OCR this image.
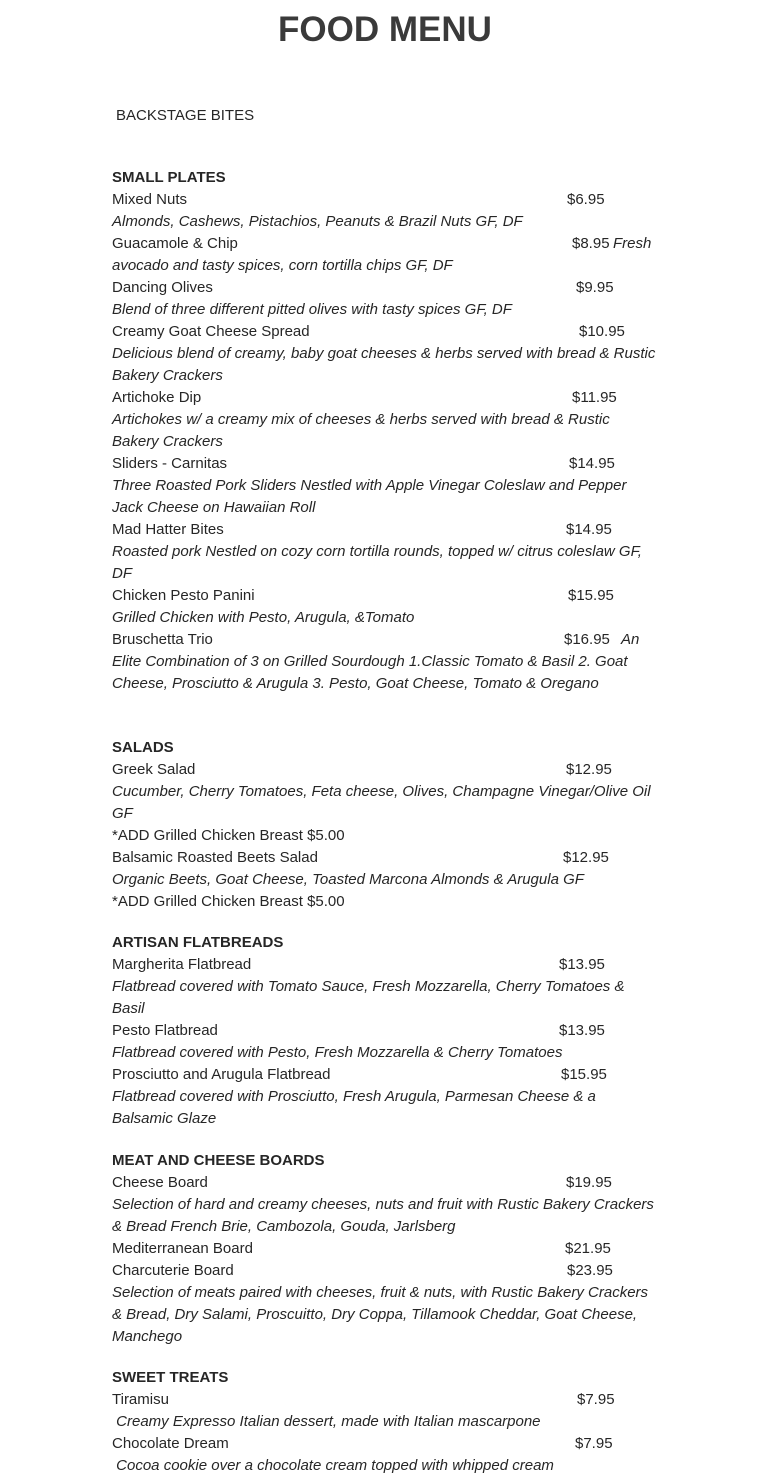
FOOD MENU
BACKSTAGE BITES
SMALL PLATES
Mixed Nuts	$6.95
Almonds, Cashews, Pistachios, Peanuts & Brazil Nuts GF, DF
Guacamole & Chip	$8.95 Fresh
avocado and tasty spices, corn tortilla chips GF, DF
Dancing Olives	$9.95
Blend of three different pitted olives with tasty spices GF, DF
Creamy Goat Cheese Spread	$10.95
Delicious blend of creamy, baby goat cheeses & herbs served with bread & Rustic Bakery Crackers
Artichoke Dip	$11.95
Artichokes w/ a creamy mix of cheeses & herbs served with bread & Rustic Bakery Crackers
Sliders - Carnitas	$14.95
Three Roasted Pork Sliders Nestled with Apple Vinegar Coleslaw and Pepper Jack Cheese on Hawaiian Roll
Mad Hatter Bites	$14.95
Roasted pork Nestled on cozy corn tortilla rounds, topped w/ citrus coleslaw GF, DF
Chicken Pesto Panini	$15.95
Grilled Chicken with Pesto, Arugula, &Tomato
Bruschetta Trio	$16.95 An
Elite Combination of 3 on Grilled Sourdough 1.Classic Tomato & Basil 2. Goat Cheese, Prosciutto & Arugula 3. Pesto, Goat Cheese, Tomato & Oregano
SALADS
Greek Salad	$12.95
Cucumber, Cherry Tomatoes, Feta cheese, Olives, Champagne Vinegar/Olive Oil GF
*ADD Grilled Chicken Breast $5.00
Balsamic Roasted Beets Salad	$12.95
Organic Beets, Goat Cheese, Toasted Marcona Almonds & Arugula GF
*ADD Grilled Chicken Breast $5.00
ARTISAN FLATBREADS
Margherita Flatbread	$13.95
Flatbread covered with Tomato Sauce, Fresh Mozzarella, Cherry Tomatoes & Basil
Pesto Flatbread	$13.95
Flatbread covered with Pesto, Fresh Mozzarella & Cherry Tomatoes
Prosciutto and Arugula Flatbread	$15.95
Flatbread covered with Prosciutto, Fresh Arugula, Parmesan Cheese & a Balsamic Glaze
MEAT AND CHEESE BOARDS
Cheese Board	$19.95
Selection of hard and creamy cheeses, nuts and fruit with Rustic Bakery Crackers & Bread French Brie, Cambozola, Gouda, Jarlsberg
Mediterranean Board	$21.95
Charcuterie Board	$23.95
Selection of meats paired with cheeses, fruit & nuts, with Rustic Bakery Crackers & Bread, Dry Salami, Proscuitto, Dry Coppa, Tillamook Cheddar, Goat Cheese, Manchego
SWEET TREATS
Tiramisu	$7.95
Creamy Expresso Italian dessert, made with Italian mascarpone
Chocolate Dream	$7.95
Cocoa cookie over a chocolate cream topped with whipped cream
